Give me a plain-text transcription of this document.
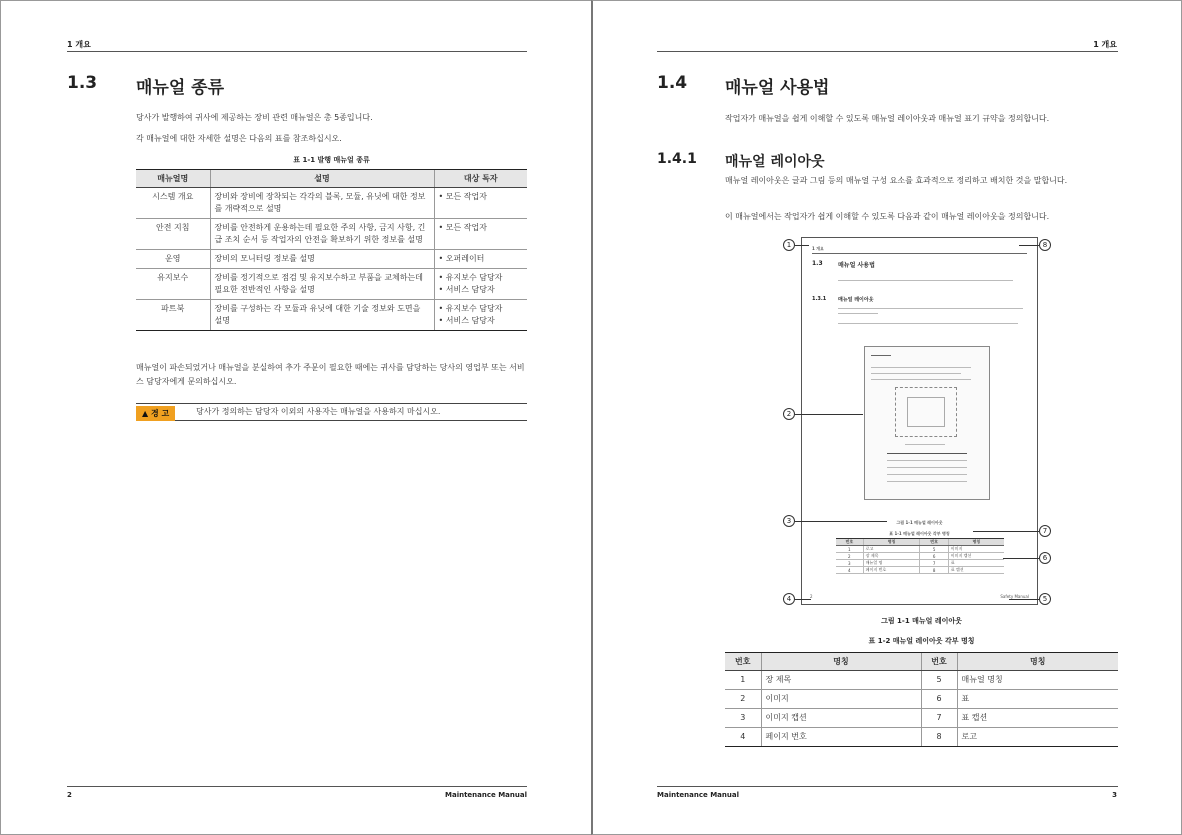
1 개요
1.3 매뉴얼 종류
당사가 발행하여 귀사에 제공하는 장비 관련 매뉴얼은 총 5종입니다.
각 매뉴얼에 대한 자세한 설명은 다음의 표를 참조하십시오.
표 1-1 발행 매뉴얼 종류
매뉴얼명	설명	대상 독자
시스템 개요	장비와 장비에 장착되는 각각의 블록, 모듈, 유닛에 대한 정보를 개략적으로 설명	• 모든 작업자

안전 지침	장비를 안전하게 운용하는데 필요한 주의 사항, 금지 사항, 긴급 조치 순서 등 작업자의 안전을 확보하기 위한 정보를 설명	• 모든 작업자

운영	장비의 모니터링 정보를 설명	• 오퍼레이터

유지보수	장비를 정기적으로 점검 및 유지보수하고 부품을 교체하는데 필요한 전반적인 사항을 설명	• 유지보수 담당자
• 서비스 담당자

파트북	장비를 구성하는 각 모듈과 유닛에 대한 기술 정보와 도면을 설명	• 유지보수 담당자
• 서비스 담당자
매뉴얼이 파손되었거나 매뉴얼을 분실하여 추가 주문이 필요한 때에는 귀사를 담당하는 당사의 영업부 또는 서비스 담당자에게 문의하십시오.
▲ 경 고	당사가 정의하는 담당자 이외의 사용자는 매뉴얼을 사용하지 마십시오.
2	Maintenance Manual
1 개요
1.4 매뉴얼 사용법
작업자가 매뉴얼을 쉽게 이해할 수 있도록 매뉴얼 레이아웃과 매뉴얼 표기 규약을 정의합니다.
1.4.1 매뉴얼 레이아웃
매뉴얼 레이아웃은 글과 그림 등의 매뉴얼 구성 요소를 효과적으로 정리하고 배치한 것을 말합니다.
이 매뉴얼에서는 작업자가 쉽게 이해할 수 있도록 다음과 같이 매뉴얼 레이아웃을 정의합니다.
1 개요
1.3	매뉴얼 사용법
1.3.1 매뉴얼 레이아웃
그림 1-1 매뉴얼 레이아웃
표 1-1 매뉴얼 레이아웃 각부 명칭
번호	명칭	번호	명칭
1	로고	5	이미지
2	장 제목	6	이미지 캡션
3	매뉴얼 명	7	표
4	페이지 번호	8	표 캡션
2	Safety Manual
1	8
2
3
7
6
4	5
그림 1-1 매뉴얼 레이아웃
표 1-2 매뉴얼 레이아웃 각부 명칭
번호	명칭	번호	명칭
1	장 제목	5	매뉴얼 명칭
2	이미지	6	표
3	이미지 캡션	7	표 캡션
4	페이지 번호	8	로고
Maintenance Manual	3
